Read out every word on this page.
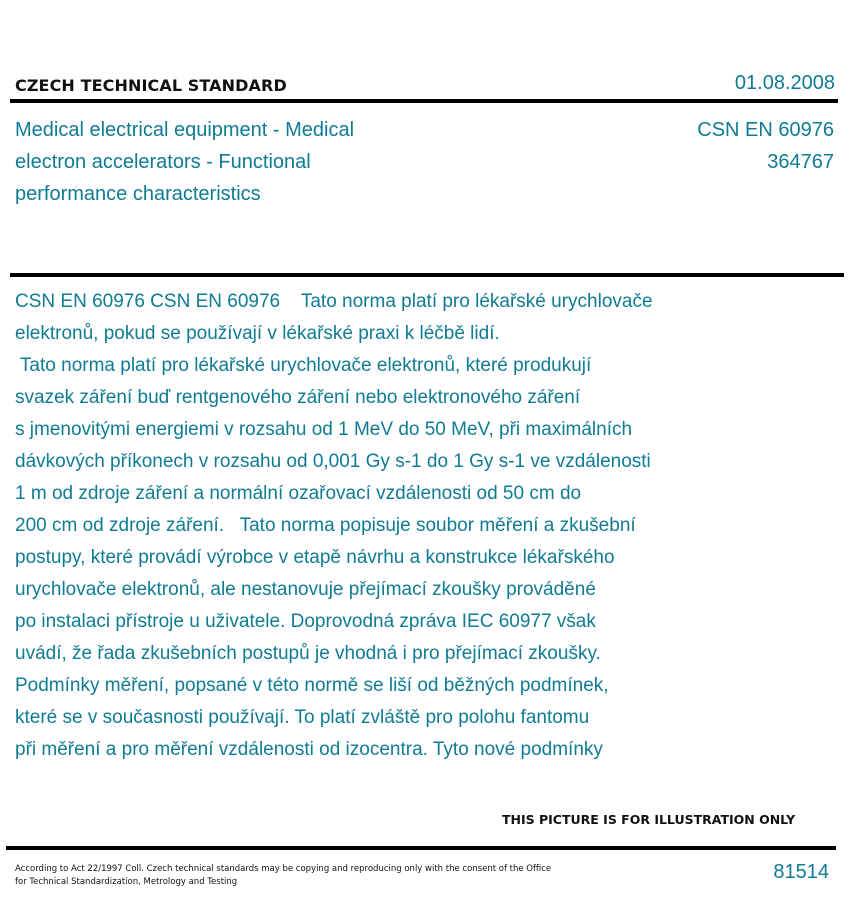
CZECH TECHNICAL STANDARD	01.08.2008
Medical electrical equipment - Medical
electron accelerators - Functional
performance characteristics
CSN EN 60976
364767
CSN EN 60976 CSN EN 60976    Tato norma platí pro lékařské urychlovače
elektronů, pokud se používají v lékařské praxi k léčbě lidí.
Tato norma platí pro lékařské urychlovače elektronů, které produkují
svazek záření buď rentgenového záření nebo elektronového záření
s jmenovitými energiemi v rozsahu od 1 MeV do 50 MeV, při maximálních
dávkových příkonech v rozsahu od 0,001 Gy s-1 do 1 Gy s-1 ve vzdálenosti
1 m od zdroje záření a normální ozařovací vzdálenosti od 50 cm do
200 cm od zdroje záření.   Tato norma popisuje soubor měření a zkušební
postupy, které provádí výrobce v etapě návrhu a konstrukce lékařského
urychlovače elektronů, ale nestanovuje přejímací zkoušky prováděné
po instalaci přístroje u uživatele. Doprovodná zpráva IEC 60977 však
uvádí, že řada zkušebních postupů je vhodná i pro přejímací zkoušky.
Podmínky měření, popsané v této normě se liší od běžných podmínek,
které se v současnosti používají. To platí zvláště pro polohu fantomu
při měření a pro měření vzdálenosti od izocentra. Tyto nové podmínky
THIS PICTURE IS FOR ILLUSTRATION ONLY
According to Act 22/1997 Coll. Czech technical standards may be copying and reproducing only with the consent of the Office
for Technical Standardization, Metrology and Testing	81514
